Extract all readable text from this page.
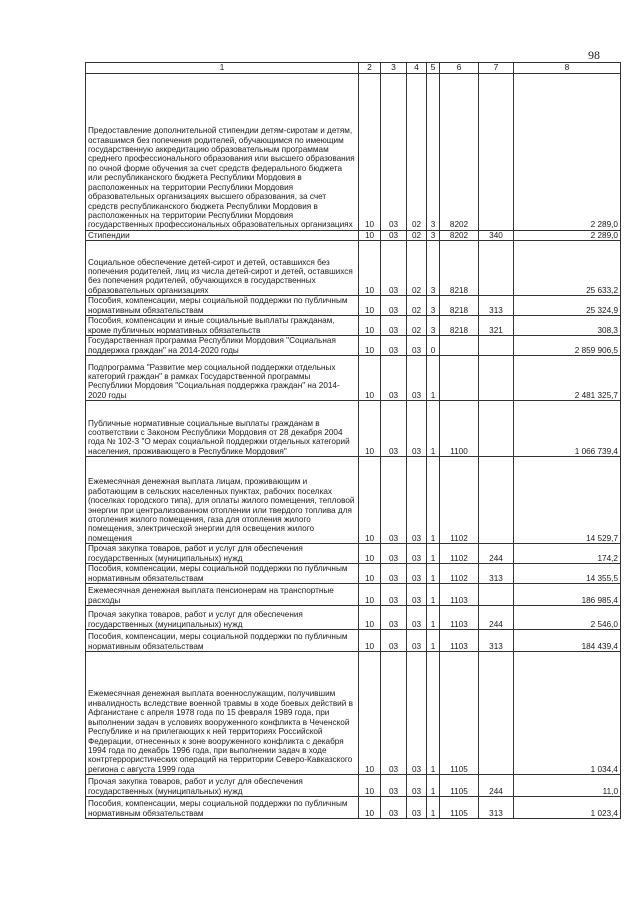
98
1	2	3	4	5	6	7	8
Предоставление дополнительной стипендии детям-сиротам и детям, оставшимся без попечения родителей, обучающимся по имеющим государственную аккредитацию образовательным программам среднего профессионального образования или высшего образования по очной форме обучения за счет средств федерального бюджета или республиканского бюджета Республики Мордовия в расположенных на территории Республики Мордовия образовательных организациях высшего образования, за счет средств республиканского бюджета Республики Мордовия в расположенных на территории Республики Мордовия государственных профессиональных образовательных организациях	10	03	02	3	8202		2 289,0
Стипендии	10	03	02	3	8202	340	2 289,0
Социальное обеспечение детей-сирот и детей, оставшихся без попечения родителей, лиц из числа детей-сирот и детей, оставшихся без попечения родителей, обучающихся в государственных образовательных организациях	10	03	02	3	8218		25 633,2
Пособия, компенсации, меры социальной поддержки по публичным нормативным обязательствам	10	03	02	3	8218	313	25 324,9
Пособия, компенсации и иные социальные выплаты гражданам, кроме публичных нормативных обязательств	10	03	02	3	8218	321	308,3
Государственная программа Республики Мордовия "Социальная поддержка граждан" на 2014-2020 годы	10	03	03	0			2 859 906,5
Подпрограмма "Развитие мер социальной поддержки отдельных категорий граждан" в рамках Государственной программы Республики Мордовия "Социальная поддержка граждан" на 2014-2020 годы	10	03	03	1			2 481 325,7
Публичные нормативные социальные выплаты гражданам в соответствии с Законом Республики Мордовия от 28 декабря 2004 года № 102-З "О мерах социальной поддержки отдельных категорий населения, проживающего в Республике Мордовия"	10	03	03	1	1100		1 066 739,4
Ежемесячная денежная выплата лицам, проживающим и работающим в сельских населенных пунктах, рабочих поселках (поселках городского типа), для оплаты жилого помещения, тепловой энергии при централизованном отоплении или твердого топлива для отопления жилого помещения, газа для отопления жилого помещения, электрической энергии для освещения жилого помещения	10	03	03	1	1102		14 529,7
Прочая закупка товаров, работ и услуг для обеспечения государственных (муниципальных) нужд	10	03	03	1	1102	244	174,2
Пособия, компенсации, меры социальной поддержки по публичным нормативным обязательствам	10	03	03	1	1102	313	14 355,5
Ежемесячная денежная выплата пенсионерам на транспортные расходы	10	03	03	1	1103		186 985,4
Прочая закупка товаров, работ и услуг для обеспечения государственных (муниципальных) нужд	10	03	03	1	1103	244	2 546,0
Пособия, компенсации, меры социальной поддержки по публичным нормативным обязательствам	10	03	03	1	1103	313	184 439,4
Ежемесячная денежная выплата военнослужащим, получившим инвалидность вследствие военной травмы в ходе боевых действий в Афганистане с апреля 1978 года по 15 февраля 1989 года, при выполнении задач в условиях вооруженного конфликта в Чеченской Республике и на прилегающих к ней территориях Российской Федерации, отнесенных к зоне вооруженного конфликта с декабря 1994 года по декабрь 1996 года, при выполнении задач в ходе контртеррористических операций на территории Северо-Кавказского региона с августа 1999 года	10	03	03	1	1105		1 034,4
Прочая закупка товаров, работ и услуг для обеспечения государственных (муниципальных) нужд	10	03	03	1	1105	244	11,0
Пособия, компенсации, меры социальной поддержки по публичным нормативным обязательствам	10	03	03	1	1105	313	1 023,4
